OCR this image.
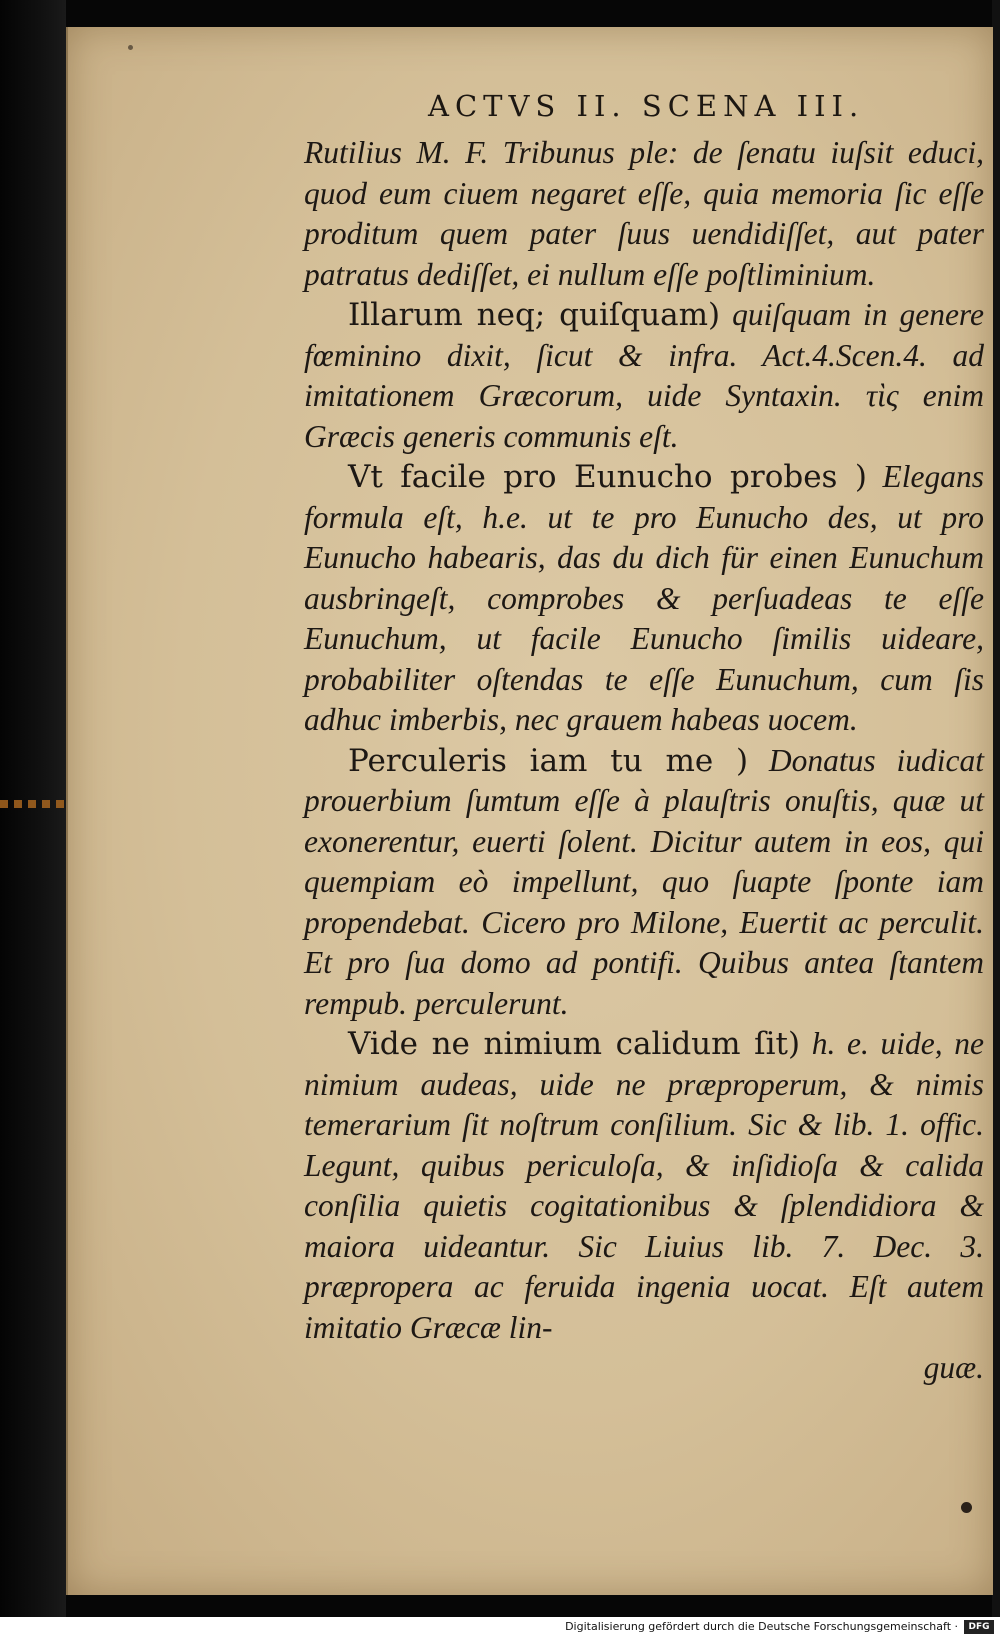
ACTVS II. SCENA III.

Rutilius M. F. Tribunus ple: de ſenatu iuſsit educi, quod eum ciuem negaret eſſe, quia memoria ſic eſſe proditum quem pater ſuus uendidiſſet, aut pater patratus dediſſet, ei nullum eſſe poſtliminium.

Illarum neq; quiſquam) quiſquam in genere fœminino dixit, ſicut & infra. Act.4.Scen.4. ad imitationem Græcorum, uide Syntaxin. τὶς enim Græcis generis communis eſt.

Vt facile pro Eunucho probes ) Elegans formula eſt, h.e. ut te pro Eunucho des, ut pro Eunucho habearis, das du dich für einen Eunuchum ausbringeſt, comprobes & perſuadeas te eſſe Eunuchum, ut facile Eunucho ſimilis uideare, probabiliter oſtendas te eſſe Eunuchum, cum ſis adhuc imberbis, nec grauem habeas uocem.

Perculeris iam tu me ) Donatus iudicat prouerbium ſumtum eſſe à plauſtris onuſtis, quæ ut exonerentur, euerti ſolent. Dicitur autem in eos, qui quempiam eò impellunt, quo ſuapte ſponte iam propendebat. Cicero pro Milone, Euertit ac perculit. Et pro ſua domo ad pontifi. Quibus antea ſtantem rempub. perculerunt.

Vide ne nimium calidum ſit) h. e. uide, ne nimium audeas, uide ne præproperum, & nimis temerarium ſit noſtrum conſilium. Sic & lib. 1. offic. Legunt, quibus periculoſa, & inſidioſa & calida conſilia quietis cogitationibus & ſplendidiora & maiora uideantur. Sic Liuius lib. 7. Dec. 3. præpropera ac feruida ingenia uocat. Eſt autem imitatio Græcæ lin-

guæ.
Digitalisierung gefördert durch die Deutsche Forschungsgemeinschaft ·	DFG
